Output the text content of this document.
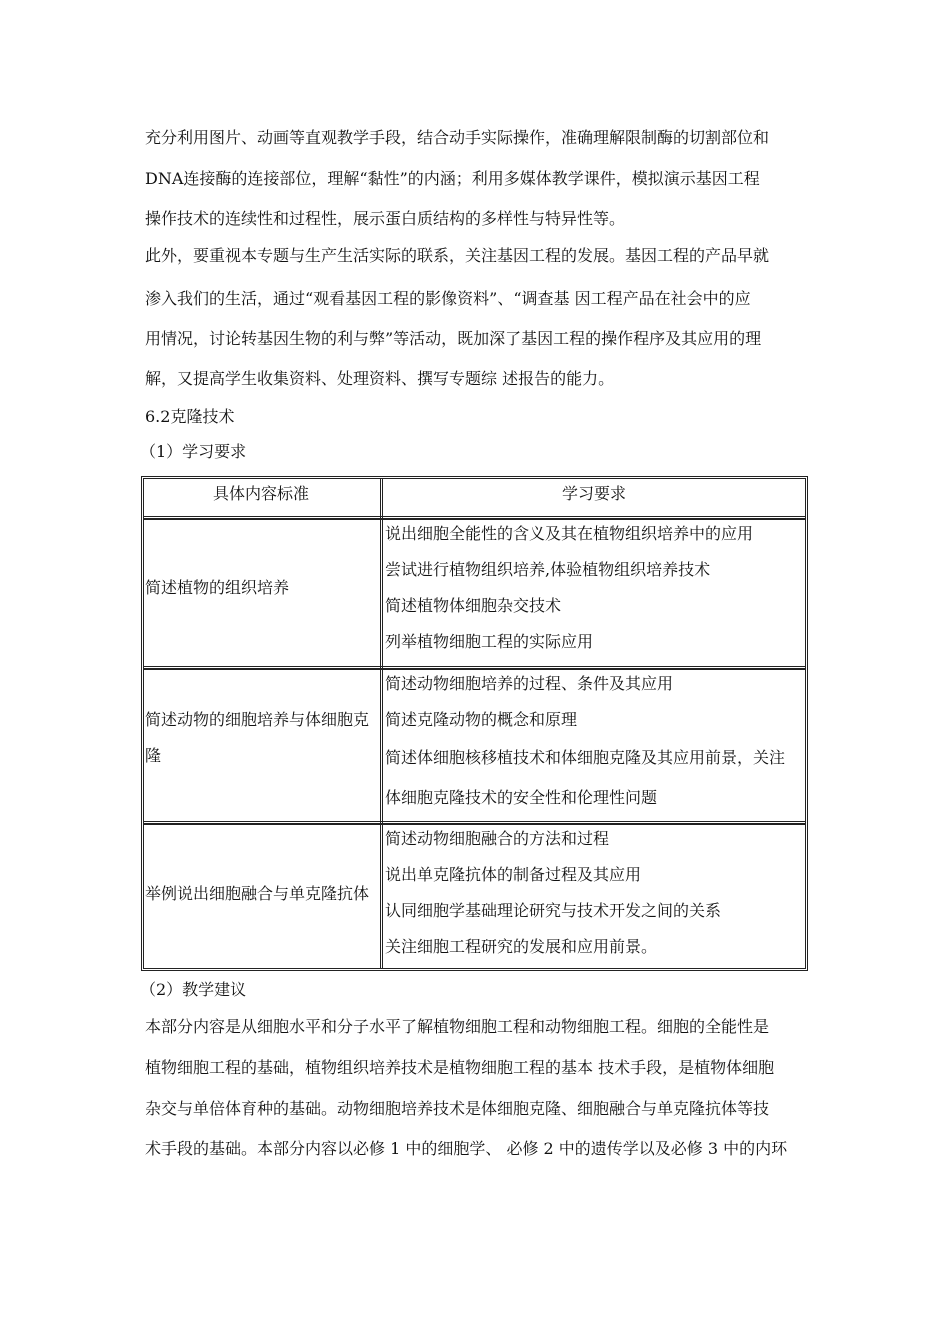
充分利用图片、动画等直观教学手段，结合动手实际操作，准确理解限制酶的切割部位和
DNA连接酶的连接部位，理解“黏性”的内涵；利用多媒体教学课件，模拟演示基因工程
操作技术的连续性和过程性，展示蛋白质结构的多样性与特异性等。
此外，要重视本专题与生产生活实际的联系，关注基因工程的发展。基因工程的产品早就
渗入我们的生活，通过“观看基因工程的影像资料”、“调查基 因工程产品在社会中的应
用情况，讨论转基因生物的利与弊”等活动，既加深了基因工程的操作程序及其应用的理
解，又提高学生收集资料、处理资料、撰写专题综 述报告的能力。
6.2克隆技术
（1）学习要求
具体内容标准	学习要求
简述植物的组织培养
说出细胞全能性的含义及其在植物组织培养中的应用
尝试进行植物组织培养,体验植物组织培养技术
简述植物体细胞杂交技术
列举植物细胞工程的实际应用
简述动物的细胞培养与体细胞克隆
简述动物细胞培养的过程、条件及其应用
简述克隆动物的概念和原理
简述体细胞核移植技术和体细胞克隆及其应用前景，关注
体细胞克隆技术的安全性和伦理性问题
举例说出细胞融合与单克隆抗体
简述动物细胞融合的方法和过程
说出单克隆抗体的制备过程及其应用
认同细胞学基础理论研究与技术开发之间的关系
关注细胞工程研究的发展和应用前景。
（2）教学建议
本部分内容是从细胞水平和分子水平了解植物细胞工程和动物细胞工程。细胞的全能性是
植物细胞工程的基础，植物组织培养技术是植物细胞工程的基本 技术手段，是植物体细胞
杂交与单倍体育种的基础。动物细胞培养技术是体细胞克隆、细胞融合与单克隆抗体等技
术手段的基础。本部分内容以必修 1 中的细胞学、 必修 2 中的遗传学以及必修 3 中的内环
